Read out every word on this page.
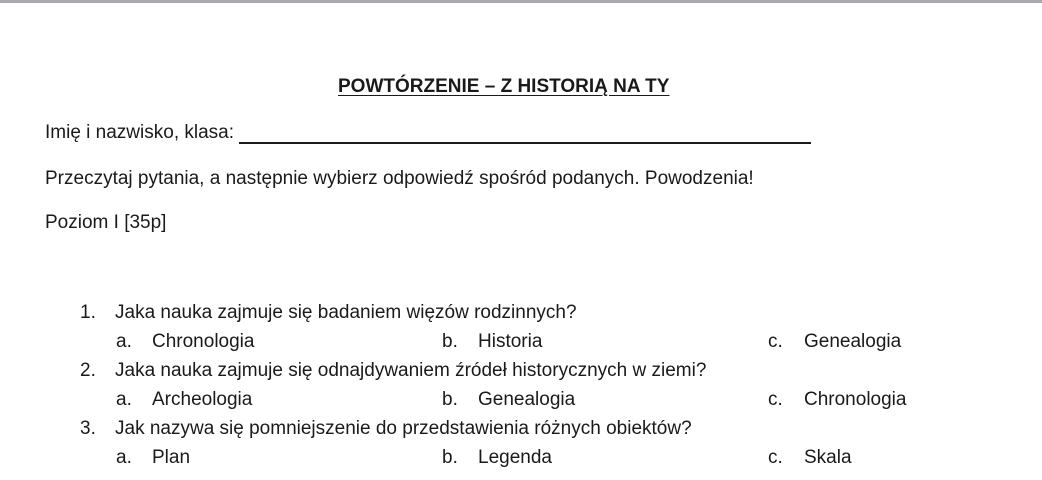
POWTÓRZENIE – Z HISTORIĄ NA TY
Imię i nazwisko, klasa:
Przeczytaj pytania, a następnie wybierz odpowiedź spośród podanych. Powodzenia!
Poziom I [35p]
1. Jaka nauka zajmuje się badaniem więzów rodzinnych?
a. Chronologia	b. Historia	c. Genealogia
2. Jaka nauka zajmuje się odnajdywaniem źródeł historycznych w ziemi?
a. Archeologia	b. Genealogia	c. Chronologia
3. Jak nazywa się pomniejszenie do przedstawienia różnych obiektów?
a. Plan	b. Legenda	c. Skala
